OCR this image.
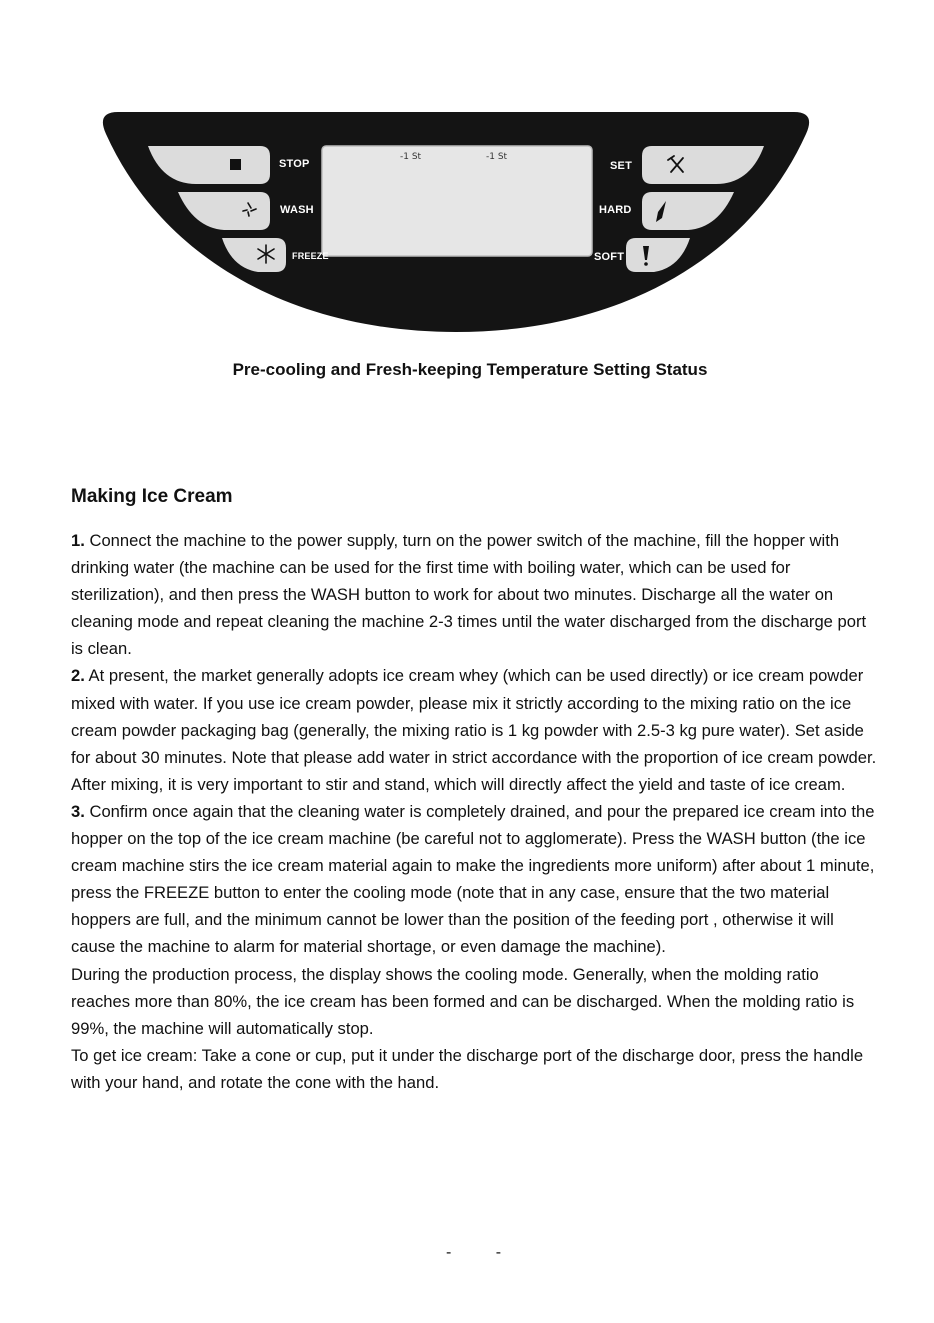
STOP
WASH
FREEZE
SET
HARD
SOFT
-1 St	-1 St
Pre-cooling and Fresh-keeping Temperature Setting Status
Making Ice Cream

1. Connect the machine to the power supply, turn on the power switch of the machine, fill the hopper with drinking water (the machine can be used for the first time with boiling water, which can be used for sterilization), and then press the WASH button to work for about two minutes. Discharge all the water on cleaning mode and repeat cleaning the machine 2-3 times until the water discharged from the discharge port is clean.

2. At present, the market generally adopts ice cream whey (which can be used directly) or ice cream powder mixed with water. If you use ice cream powder, please mix it strictly according to the mixing ratio on the ice cream powder packaging bag (generally, the mixing ratio is 1 kg powder with 2.5-3 kg pure water). Set aside for about 30 minutes. Note that please add water in strict accordance with the proportion of ice cream powder. After mixing, it is very important to stir and stand, which will directly affect the yield and taste of ice cream.

3. Confirm once again that the cleaning water is completely drained, and pour the prepared ice cream into the hopper on the top of the ice cream machine (be careful not to agglomerate). Press the WASH button (the ice cream machine stirs the ice cream material again to make the ingredients more uniform) after about 1 minute, press the FREEZE button to enter the cooling mode (note that in any case, ensure that the two material hoppers are full, and the minimum cannot be lower than the position of the feeding port , otherwise it will cause the machine to alarm for material shortage, or even damage the machine).

During the production process, the display shows the cooling mode. Generally, when the molding ratio reaches more than 80%, the ice cream has been formed and can be discharged. When the molding ratio is 99%, the machine will automatically stop.

To get ice cream: Take a cone or cup, put it under the discharge port of the discharge door, press the handle with your hand, and rotate the cone with the hand.

- -
